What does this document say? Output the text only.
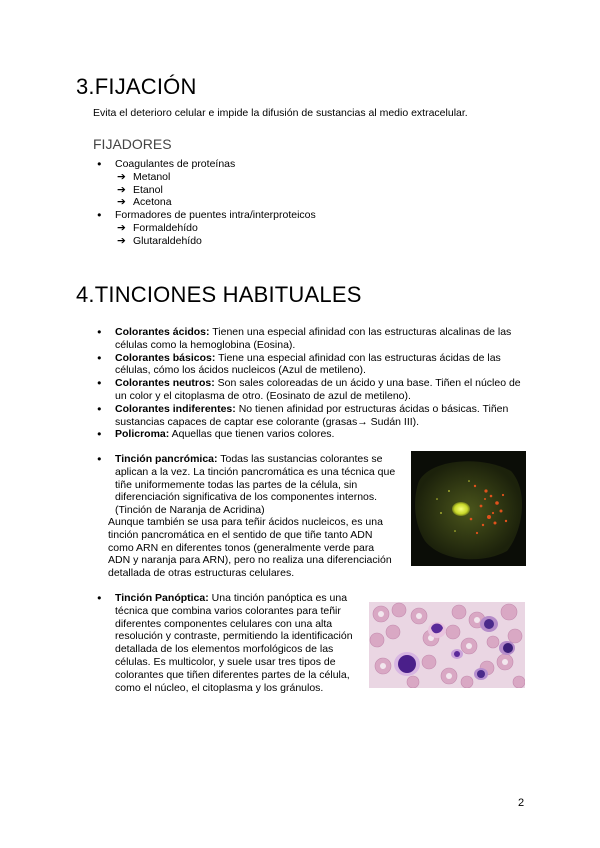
3.FIJACIÓN

Evita el deterioro celular e impide la difusión de sustancias al medio extracelular.

FIJADORES
● Coagulantes de proteínas
➔ Metanol
➔ Etanol
➔ Acetona
● Formadores de puentes intra/interproteicos
➔ Formaldehído
➔ Glutaraldehído
4.TINCIONES HABITUALES
● Colorantes ácidos: Tienen una especial afinidad con las estructuras alcalinas de las células como la hemoglobina (Eosina).
● Colorantes básicos: Tiene una especial afinidad con las estructuras ácidas de las células, cómo los ácidos nucleicos (Azul de metileno).
● Colorantes neutros: Son sales coloreadas de un ácido y una base. Tiñen el núcleo de un color y el citoplasma de otro. (Eosinato de azul de metileno).
● Colorantes indiferentes: No tienen afinidad por estructuras ácidas o básicas. Tiñen sustancias capaces de captar ese colorante (grasas→ Sudán III).
● Policroma: Aquellas que tienen varios colores.
● Tinción pancrómica: Todas las sustancias colorantes se aplican a la vez. La tinción pancromática es una técnica que tiñe uniformemente todas las partes de la célula, sin diferenciación significativa de los componentes internos. (Tinción de Naranja de Acridina)

Aunque también se usa para teñir ácidos nucleicos, es una tinción pancromática en el sentido de que tiñe tanto ADN como ARN en diferentes tonos (generalmente verde para ADN y naranja para ARN), pero no realiza una diferenciación detallada de otras estructuras celulares.

● Tinción Panóptica: Una tinción panóptica es una técnica que combina varios colorantes para teñir diferentes componentes celulares con una alta resolución y contraste, permitiendo la identificación detallada de los elementos morfológicos de las células. Es multicolor, y suele usar tres tipos de colorantes que tiñen diferentes partes de la célula, como el núcleo, el citoplasma y los gránulos.
2
